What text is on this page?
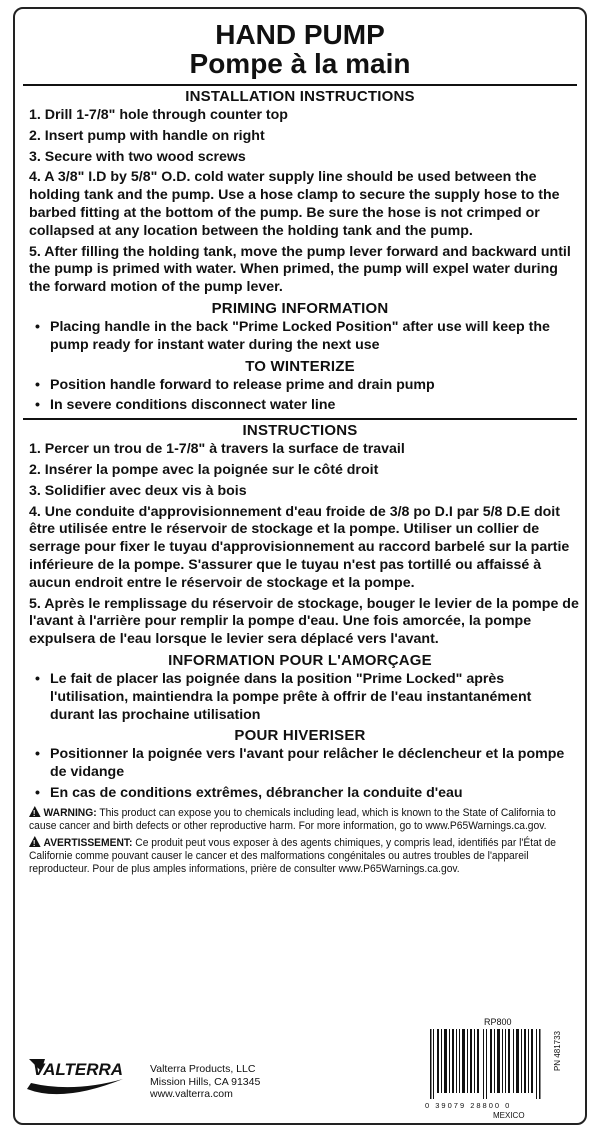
HAND PUMP
Pompe à la main
INSTALLATION INSTRUCTIONS
1. Drill 1-7/8" hole through counter top
2. Insert pump with handle on right
3. Secure with two wood screws
4. A 3/8" I.D by 5/8" O.D. cold water supply line should be used between the holding tank and the pump. Use a hose clamp to secure the supply hose to the barbed fitting at the bottom of the pump. Be sure the hose is not crimped or collapsed at any location between the holding tank and the pump.
5. After filling the holding tank, move the pump lever forward and backward until the pump is primed with water. When primed, the pump will expel water during the forward motion of the pump lever.
PRIMING INFORMATION
• Placing handle in the back "Prime Locked Position" after use will keep the pump ready for instant water during the next use
TO WINTERIZE
• Position handle forward to release prime and drain pump
• In severe conditions disconnect water line
INSTRUCTIONS
1. Percer un trou de 1-7/8" à travers la surface de travail
2. Insérer la pompe avec la poignée sur le côté droit
3. Solidifier avec deux vis à bois
4. Une conduite d'approvisionnement d'eau froide de 3/8 po D.I par 5/8 D.E doit être utilisée entre le réservoir de stockage et la pompe. Utiliser un collier de serrage pour fixer le tuyau d'approvisionnement au raccord barbelé sur la partie inférieure de la pompe. S'assurer que le tuyau n'est pas tortillé ou affaissé à aucun endroit entre le réservoir de stockage et la pompe.
5. Après le remplissage du réservoir de stockage, bouger le levier de la pompe de l'avant à l'arrière pour remplir la pompe d'eau. Une fois amorcée, la pompe expulsera de l'eau lorsque le levier sera déplacé vers l'avant.
INFORMATION POUR L'AMORÇAGE
• Le fait de placer las poignée dans la position "Prime Locked" après l'utilisation, maintiendra la pompe prête à offrir de l'eau instantanément durant las prochaine utilisation
POUR HIVERISER
• Positionner la poignée vers l'avant pour relâcher le déclencheur et la pompe de vidange
• En cas de conditions extrêmes, débrancher la conduite d'eau
!WARNING: This product can expose you to chemicals including lead, which is known to the State of California to cause cancer and birth defects or other reproductive harm. For more information, go to www.P65Warnings.ca.gov.
!AVERTISSEMENT: Ce produit peut vous exposer à des agents chimiques, y compris lead, identifiés par l'État de Californie comme pouvant causer le cancer et des malformations congénitales ou autres troubles de l'appareil reproducteur. Pour de plus amples informations, prière de consulter www.P65Warnings.ca.gov.
VALTERRA	Valterra Products, LLC
Mission Hills, CA 91345
www.valterra.com
RP800
0 39079 28800 0
MEXICO
PN 481733
